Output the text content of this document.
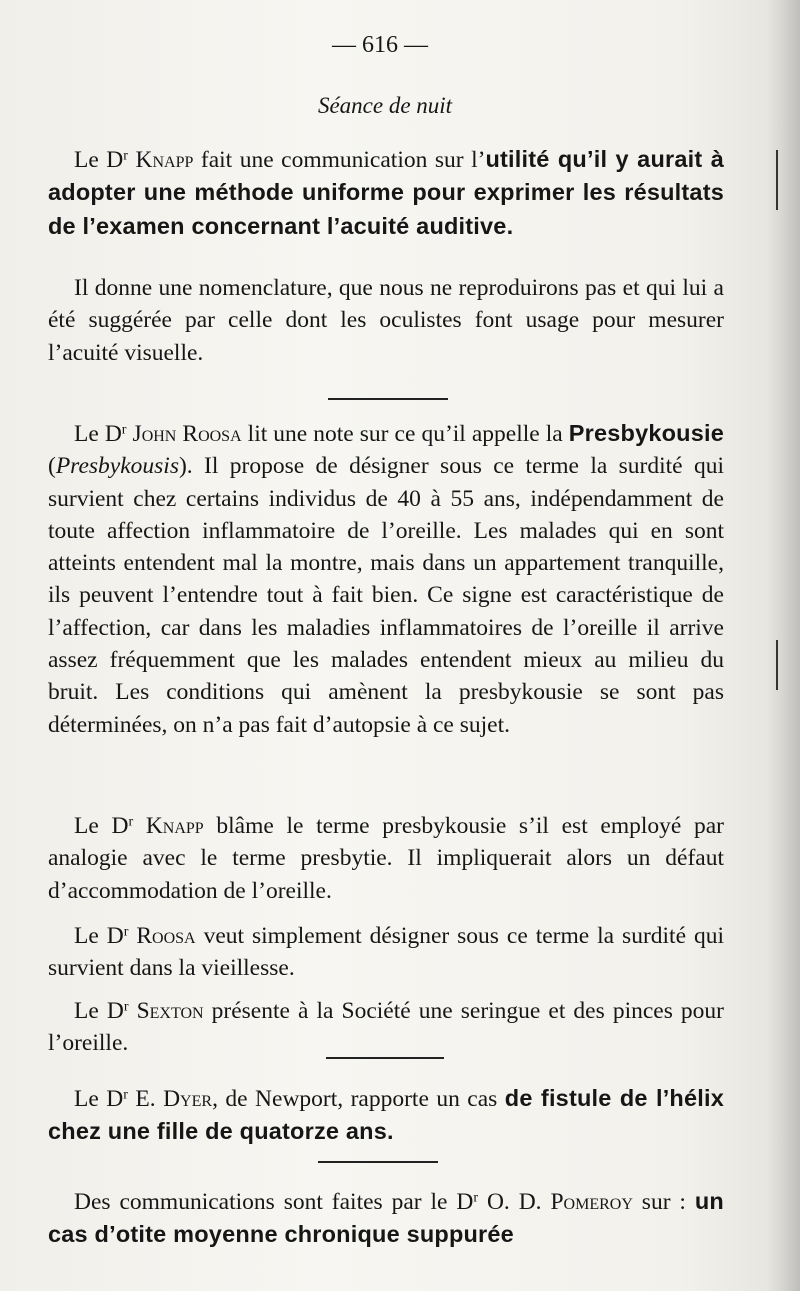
— 616 —
Séance de nuit

Le $D^r$ Knapp fait une communication sur l’utilité qu’il y aurait à adopter une méthode uniforme pour exprimer les résultats de l’examen concernant l’acuité auditive.

Il donne une nomenclature, que nous ne reproduirons pas et qui lui a été suggérée par celle dont les oculistes font usage pour mesurer l’acuité visuelle.

Le $D^r$ John Roosa lit une note sur ce qu’il appelle la Presbykousie (Presbykousis). Il propose de désigner sous ce terme la surdité qui survient chez certains individus de 40 à 55 ans, indépendamment de toute affection inflammatoire de l’oreille. Les malades qui en sont atteints entendent mal la montre, mais dans un appartement tranquille, ils peuvent l’entendre tout à fait bien. Ce signe est caractéristique de l’affection, car dans les maladies inflammatoires de l’oreille il arrive assez fréquemment que les malades entendent mieux au milieu du bruit. Les conditions qui amènent la presbykousie se sont pas déterminées, on n’a pas fait d’autopsie à ce sujet.

Le $D^r$ Knapp blâme le terme presbykousie s’il est employé par analogie avec le terme presbytie. Il impliquerait alors un défaut d’accommodation de l’oreille.

Le $D^r$ Roosa veut simplement désigner sous ce terme la surdité qui survient dans la vieillesse.

Le $D^r$ Sexton présente à la Société une seringue et des pinces pour l’oreille.

Le $D^r$ E. Dyer, de Newport, rapporte un cas de fistule de l’hélix chez une fille de quatorze ans.

Des communications sont faites par le $D^r$ O. D. Pomeroy sur : un cas d’otite moyenne chronique suppurée
